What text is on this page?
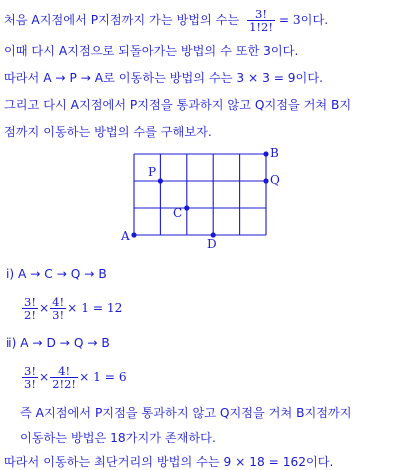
처음 A지점에서 P지점까지 가는 방법의 수는 $\frac{3!}{1!2!} = 3$이다.
이때 다시 A지점으로 되돌아가는 방법의 수 또한 3이다.
따라서 A → P → A로 이동하는 방법의 수는 3 × 3 = 9이다.
그리고 다시 A지점에서 P지점을 통과하지 않고 Q지점을 거쳐 B지
점까지 이동하는 방법의 수를 구해보자.
A
B
P
Q
C
D
ⅰ) A → C → Q → B
$\frac{3!}{2!} \times \frac{4!}{3!} \times 1 = 12$
ⅱ) A → D → Q → B
$\frac{3!}{3!} \times \frac{4!}{2!2!} \times 1 = 6$
즉 A지점에서 P지점을 통과하지 않고 Q지점을 거쳐 B지점까지
이동하는 방법은 18가지가 존재하다.
따라서 이동하는 최단거리의 방법의 수는 9 × 18 = 162이다.
